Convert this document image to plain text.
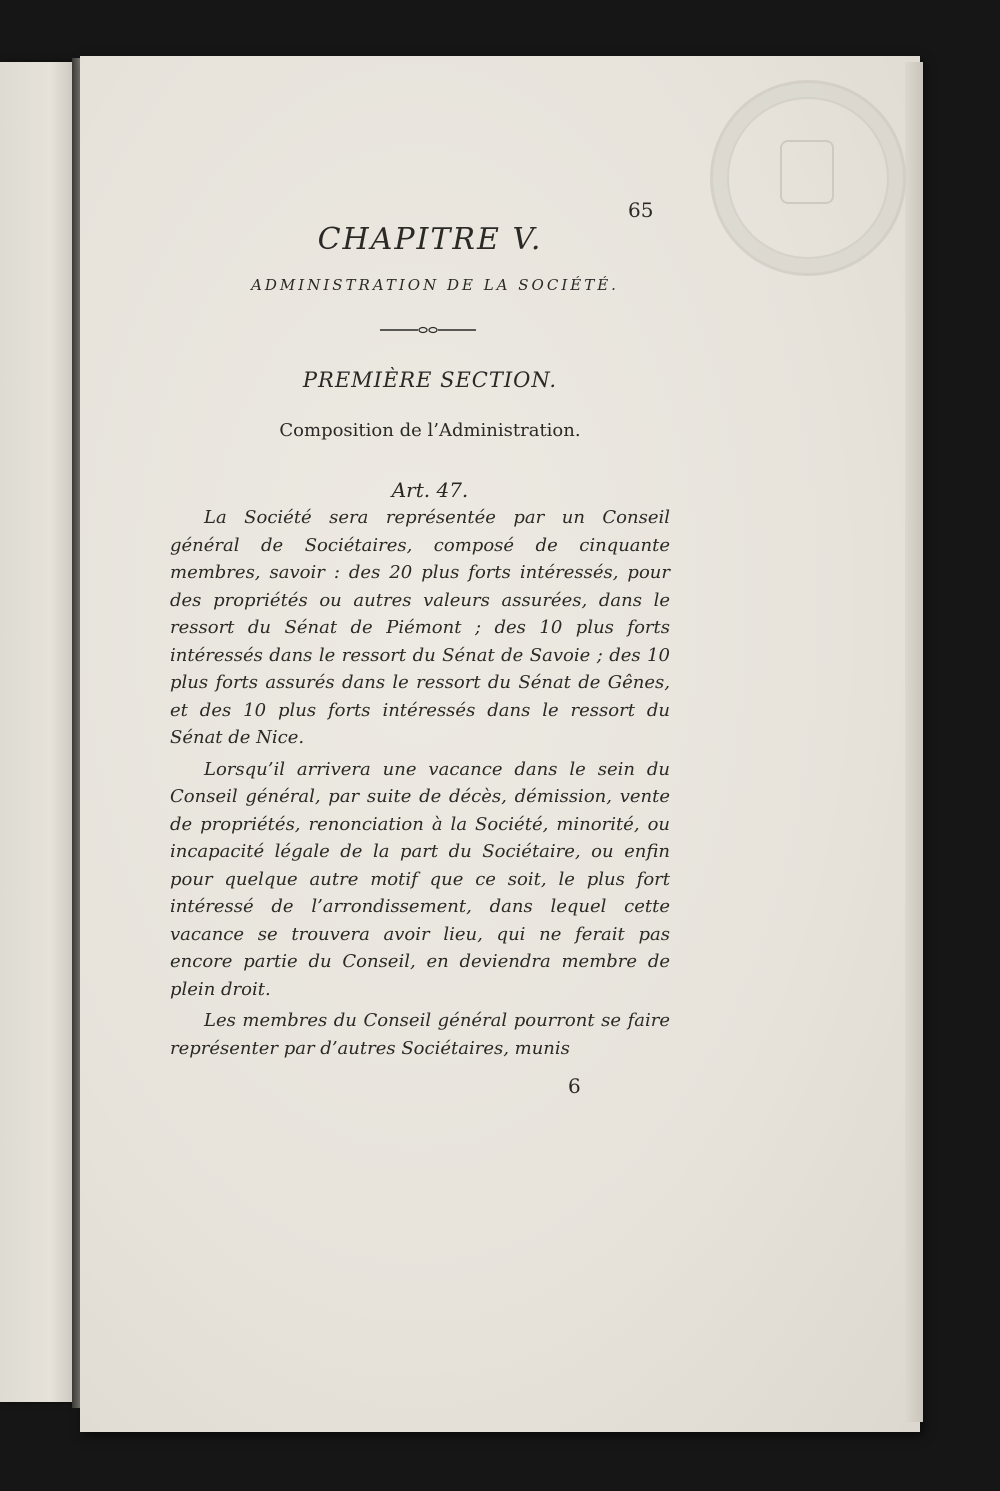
65
CHAPITRE V.
ADMINISTRATION DE LA SOCIÉTÉ.
PREMIÈRE SECTION.
Composition de l’Administration.
Art. 47.

La Société sera représentée par un Conseil général de Sociétaires, composé de cinquante membres, savoir : des 20 plus forts intéressés, pour des propriétés ou autres valeurs assurées, dans le ressort du Sénat de Piémont ; des 10 plus forts intéressés dans le ressort du Sénat de Savoie ; des 10 plus forts assurés dans le ressort du Sénat de Gênes, et des 10 plus forts intéressés dans le ressort du Sénat de Nice.

Lorsqu’il arrivera une vacance dans le sein du Conseil général, par suite de décès, démission, vente de propriétés, renonciation à la Société, minorité, ou incapacité légale de la part du Sociétaire, ou enfin pour quelque autre motif que ce soit, le plus fort intéressé de l’arrondissement, dans lequel cette vacance se trouvera avoir lieu, qui ne ferait pas encore partie du Conseil, en deviendra membre de plein droit.

Les membres du Conseil général pourront se faire représenter par d’autres Sociétaires, munis

6
